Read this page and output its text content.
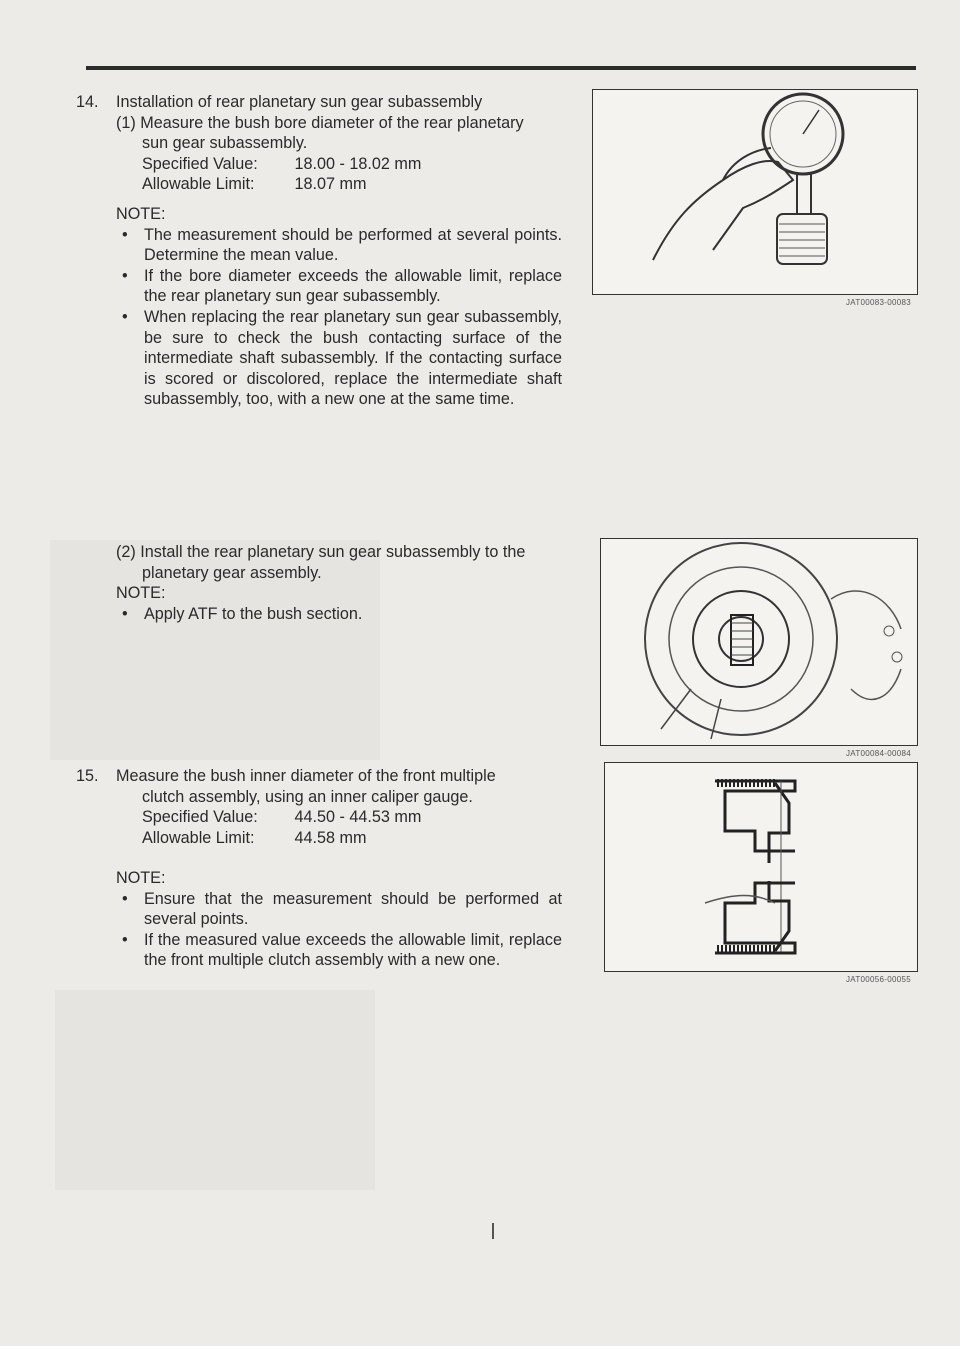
14.	Installation of rear planetary sun gear subassembly
(1) Measure the bush bore diameter of the rear planetary
sun gear subassembly.
Specified Value: 18.00 - 18.02 mm
Allowable Limit: 18.07 mm
NOTE:
• The measurement should be performed at several points. Determine the mean value.
• If the bore diameter exceeds the allowable limit, replace the rear planetary sun gear subassembly.
• When replacing the rear planetary sun gear subassembly, be sure to check the bush contacting surface of the intermediate shaft subassembly. If the contacting surface is scored or discolored, replace the intermediate shaft subassembly, too, with a new one at the same time.
JAT00083-00083
(2) Install the rear planetary sun gear subassembly to the
planetary gear assembly.
NOTE:
• Apply ATF to the bush section.
JAT00084-00084
15.	Measure the bush inner diameter of the front multiple
clutch assembly, using an inner caliper gauge.
Specified Value: 44.50 - 44.53 mm
Allowable Limit: 44.58 mm
NOTE:
• Ensure that the measurement should be performed at several points.
• If the measured value exceeds the allowable limit, replace the front multiple clutch assembly with a new one.
JAT00056-00055
